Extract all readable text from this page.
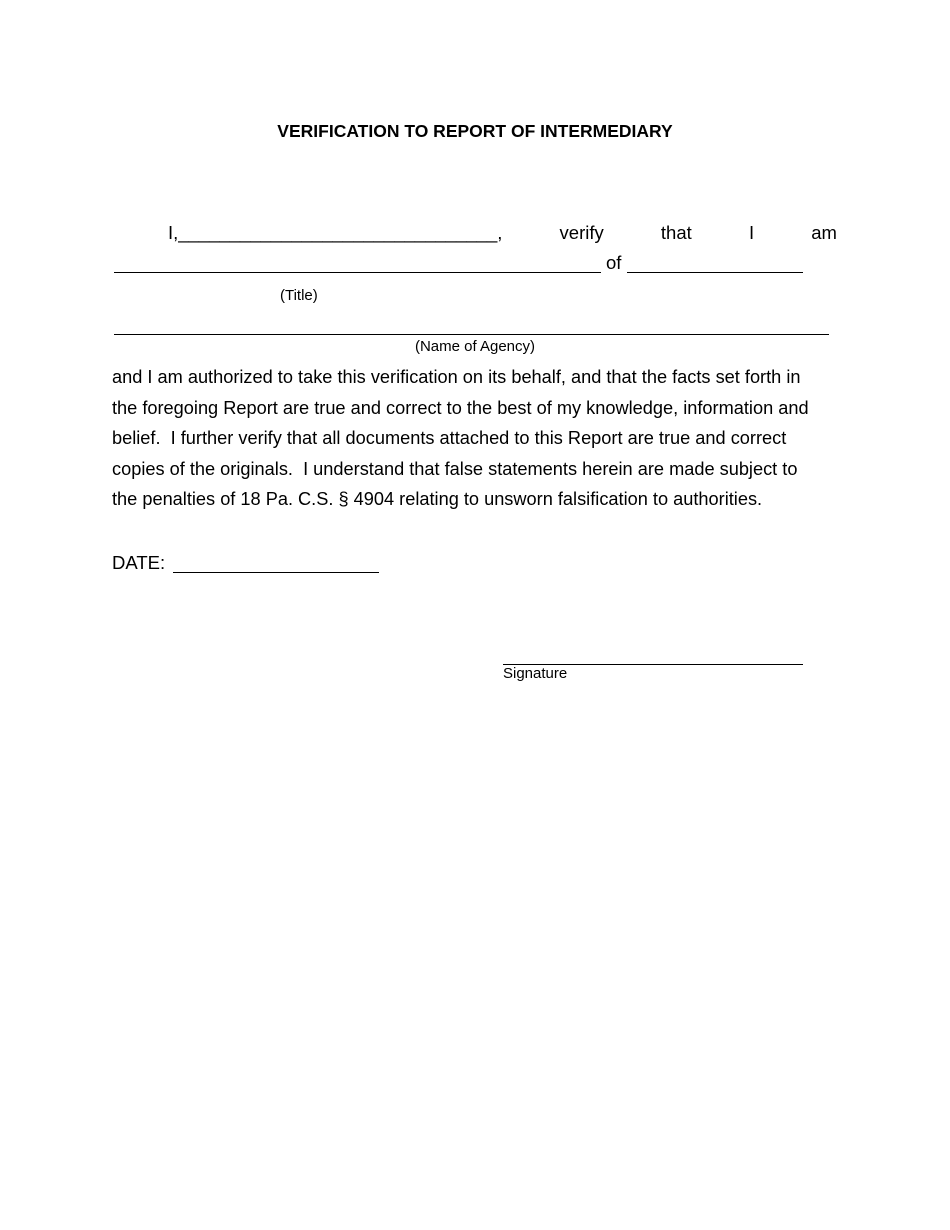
VERIFICATION TO REPORT OF INTERMEDIARY
I,_______________________________,	verify	that	I	am
of
(Title)
(Name of Agency)
and I am authorized to take this verification on its behalf, and that the facts set forth in
the foregoing Report are true and correct to the best of my knowledge, information and
belief.  I further verify that all documents attached to this Report are true and correct
copies of the originals.  I understand that false statements herein are made subject to
the penalties of 18 Pa. C.S. § 4904 relating to unsworn falsification to authorities.
DATE:
Signature
